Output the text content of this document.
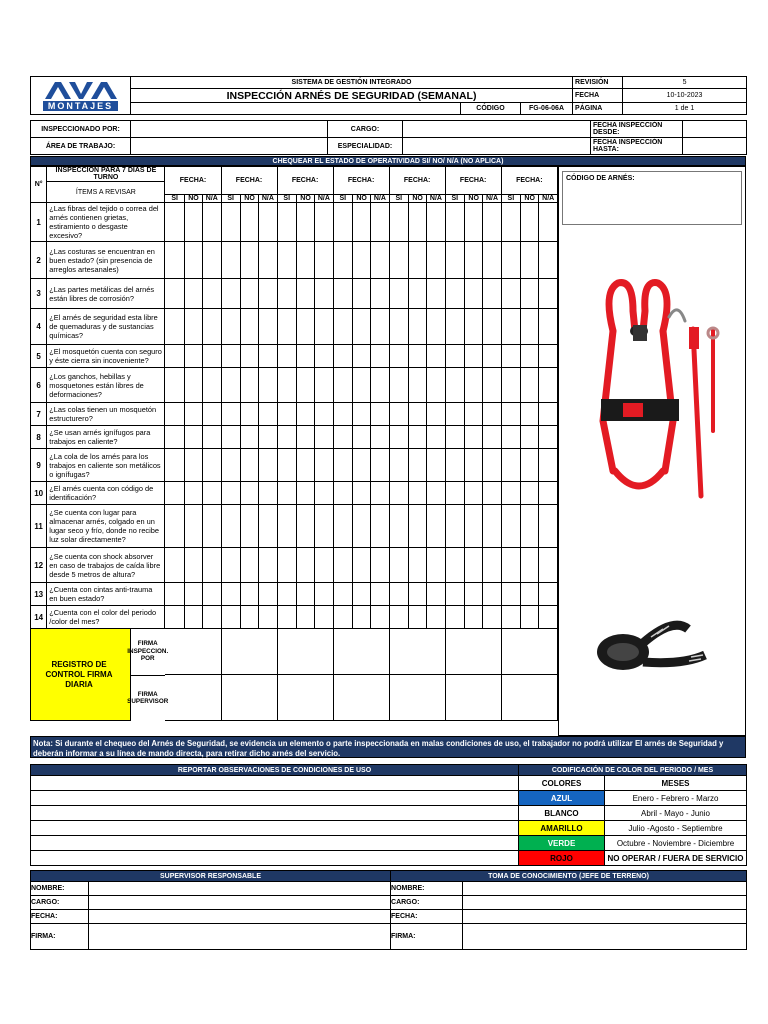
MONTAJES	SISTEMA DE GESTIÓN INTEGRADO			REVISIÓN	5
	INSPECCIÓN ARNÉS DE SEGURIDAD (SEMANAL)			FECHA	10-10-2023
		CÓDIGO	FG-06-06A	PÁGINA	1 de 1
INSPECCIONADO POR:		CARGO:		FECHA INSPECCIÓN DESDE:	
ÁREA DE TRABAJO:		ESPECIALIDAD:		FECHA INSPECCIÓN HASTA:	
CHEQUEAR EL ESTADO DE OPERATIVIDAD SI/ NO/ N/A (NO APLICA)
N°	INSPECCION PARA 7 DIAS DE TURNO	FECHA:			FECHA:			FECHA:			FECHA:			FECHA:			FECHA:			FECHA:		
	ÍTEMS A REVISAR																					
		SI	NO	N/A	SI	NO	N/A	SI	NO	N/A	SI	NO	N/A	SI	NO	N/A	SI	NO	N/A	SI	NO	N/A
1	¿Las fibras del tejido o correa del arnés contienen grietas, estiramiento o desgaste excesivo?																					
2	¿Las costuras se encuentran en buen estado? (sin presencia de arreglos artesanales)																					
3	¿Las partes metálicas del arnés están libres de corrosión?																					
4	¿El arnés de seguridad esta libre de quemaduras y de sustancias químicas?																					
5	¿El mosquetón cuenta con seguro y éste cierra sin incoveniente?																					
6	¿Los ganchos, hebillas y mosquetones están libres de deformaciones?																					
7	¿Las colas tienen un mosquetón estructurero?																					
8	¿Se usan arnés ignífugos para trabajos en caliente?																					
9	¿La cola de los arnés para los trabajos en caliente son metálicos o ignífugas?																					
10	¿El arnés cuenta con código de identificación?																					
11	¿Se cuenta con lugar para almacenar arnés, colgado en un lugar seco y frío, donde no recibe luz solar directamente?																					
12	¿Se cuenta con shock absorver en caso de trabajos de caída libre desde 5 metros de altura?																					
13	¿Cuenta con cintas anti-trauma en buen estado?																					
14	¿Cuenta con el color del periodo /color del mes?																					

REGISTRO DE CONTROL FIRMA DIARIA																						

CÓDIGO DE ARNÉS:
Nota: Si durante el chequeo del Arnés de Seguridad, se evidencia un elemento o parte inspeccionada en malas condiciones de uso, el trabajador no podrá utilizar El arnés de Seguridad y deberán informar a su línea de mando directa, para retirar dicho arnés del servicio.
REPORTAR OBSERVACIONES DE CONDICIONES DE USO	CODIFICACIÓN DE COLOR DEL PERIODO / MES	
	COLORES	MESES
	AZUL	Enero - Febrero - Marzo
	BLANCO	Abril - Mayo - Junio
	AMARILLO	Julio -Agosto - Septiembre
	VERDE	Octubre - Noviembre - Diciembre
	ROJO	NO OPERAR / FUERA DE SERVICIO
SUPERVISOR RESPONSABLE		TOMA DE CONOCIMIENTO (JEFE DE TERRENO)	
NOMBRE:		NOMBRE:	
CARGO:		CARGO:	
FECHA:		FECHA:	
FIRMA:		FIRMA:	
FIRMA INSPECCION. POR
FIRMA SUPERVISOR
